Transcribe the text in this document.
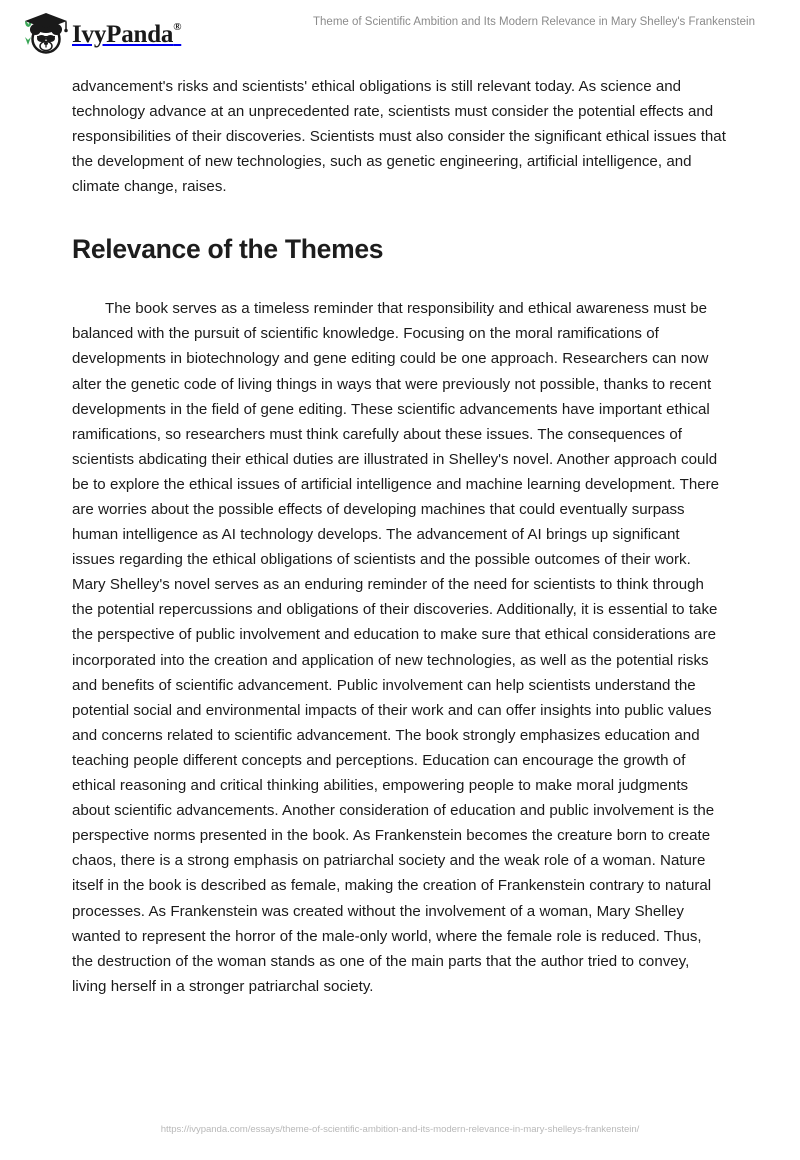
IvyPanda®	Theme of Scientific Ambition and Its Modern Relevance in Mary Shelley's Frankenstein

advancement's risks and scientists' ethical obligations is still relevant today. As science and technology advance at an unprecedented rate, scientists must consider the potential effects and responsibilities of their discoveries. Scientists must also consider the significant ethical issues that the development of new technologies, such as genetic engineering, artificial intelligence, and climate change, raises.

Relevance of the Themes

The book serves as a timeless reminder that responsibility and ethical awareness must be balanced with the pursuit of scientific knowledge. Focusing on the moral ramifications of developments in biotechnology and gene editing could be one approach. Researchers can now alter the genetic code of living things in ways that were previously not possible, thanks to recent developments in the field of gene editing. These scientific advancements have important ethical ramifications, so researchers must think carefully about these issues. The consequences of scientists abdicating their ethical duties are illustrated in Shelley's novel. Another approach could be to explore the ethical issues of artificial intelligence and machine learning development. There are worries about the possible effects of developing machines that could eventually surpass human intelligence as AI technology develops. The advancement of AI brings up significant issues regarding the ethical obligations of scientists and the possible outcomes of their work. Mary Shelley's novel serves as an enduring reminder of the need for scientists to think through the potential repercussions and obligations of their discoveries. Additionally, it is essential to take the perspective of public involvement and education to make sure that ethical considerations are incorporated into the creation and application of new technologies, as well as the potential risks and benefits of scientific advancement. Public involvement can help scientists understand the potential social and environmental impacts of their work and can offer insights into public values and concerns related to scientific advancement. The book strongly emphasizes education and teaching people different concepts and perceptions. Education can encourage the growth of ethical reasoning and critical thinking abilities, empowering people to make moral judgments about scientific advancements. Another consideration of education and public involvement is the perspective norms presented in the book. As Frankenstein becomes the creature born to create chaos, there is a strong emphasis on patriarchal society and the weak role of a woman. Nature itself in the book is described as female, making the creation of Frankenstein contrary to natural processes. As Frankenstein was created without the involvement of a woman, Mary Shelley wanted to represent the horror of the male-only world, where the female role is reduced. Thus, the destruction of the woman stands as one of the main parts that the author tried to convey, living herself in a stronger patriarchal society.

https://ivypanda.com/essays/theme-of-scientific-ambition-and-its-modern-relevance-in-mary-shelleys-frankenstein/
